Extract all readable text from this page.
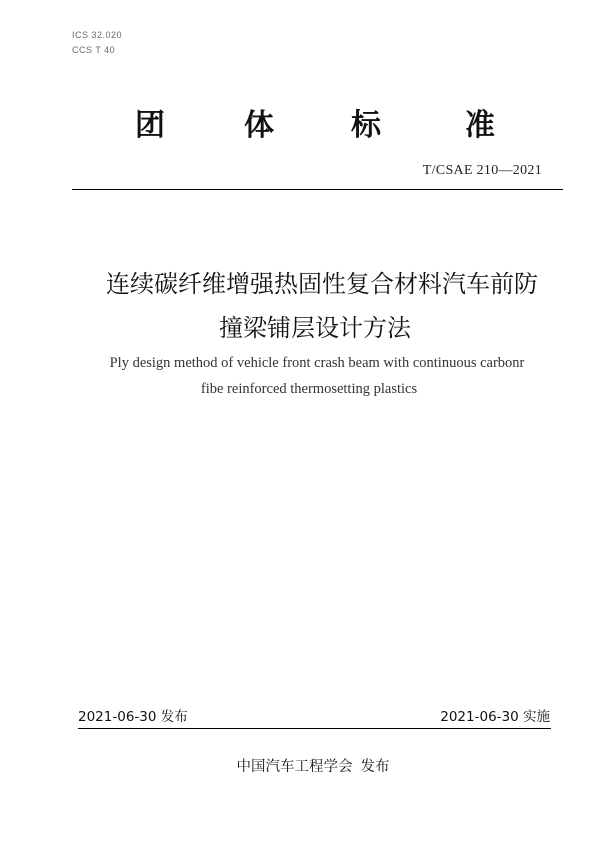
ICS 32.020
CCS T 40
团	体	标	准
T/CSAE 210—2021
连续碳纤维增强热固性复合材料汽车前防
撞梁铺层设计方法
Ply design method of vehicle front crash beam with continuous carbonr
fibe reinforced thermosetting plastics
2021-06-30 发布	2021-06-30 实施
中国汽车工程学会 发布
